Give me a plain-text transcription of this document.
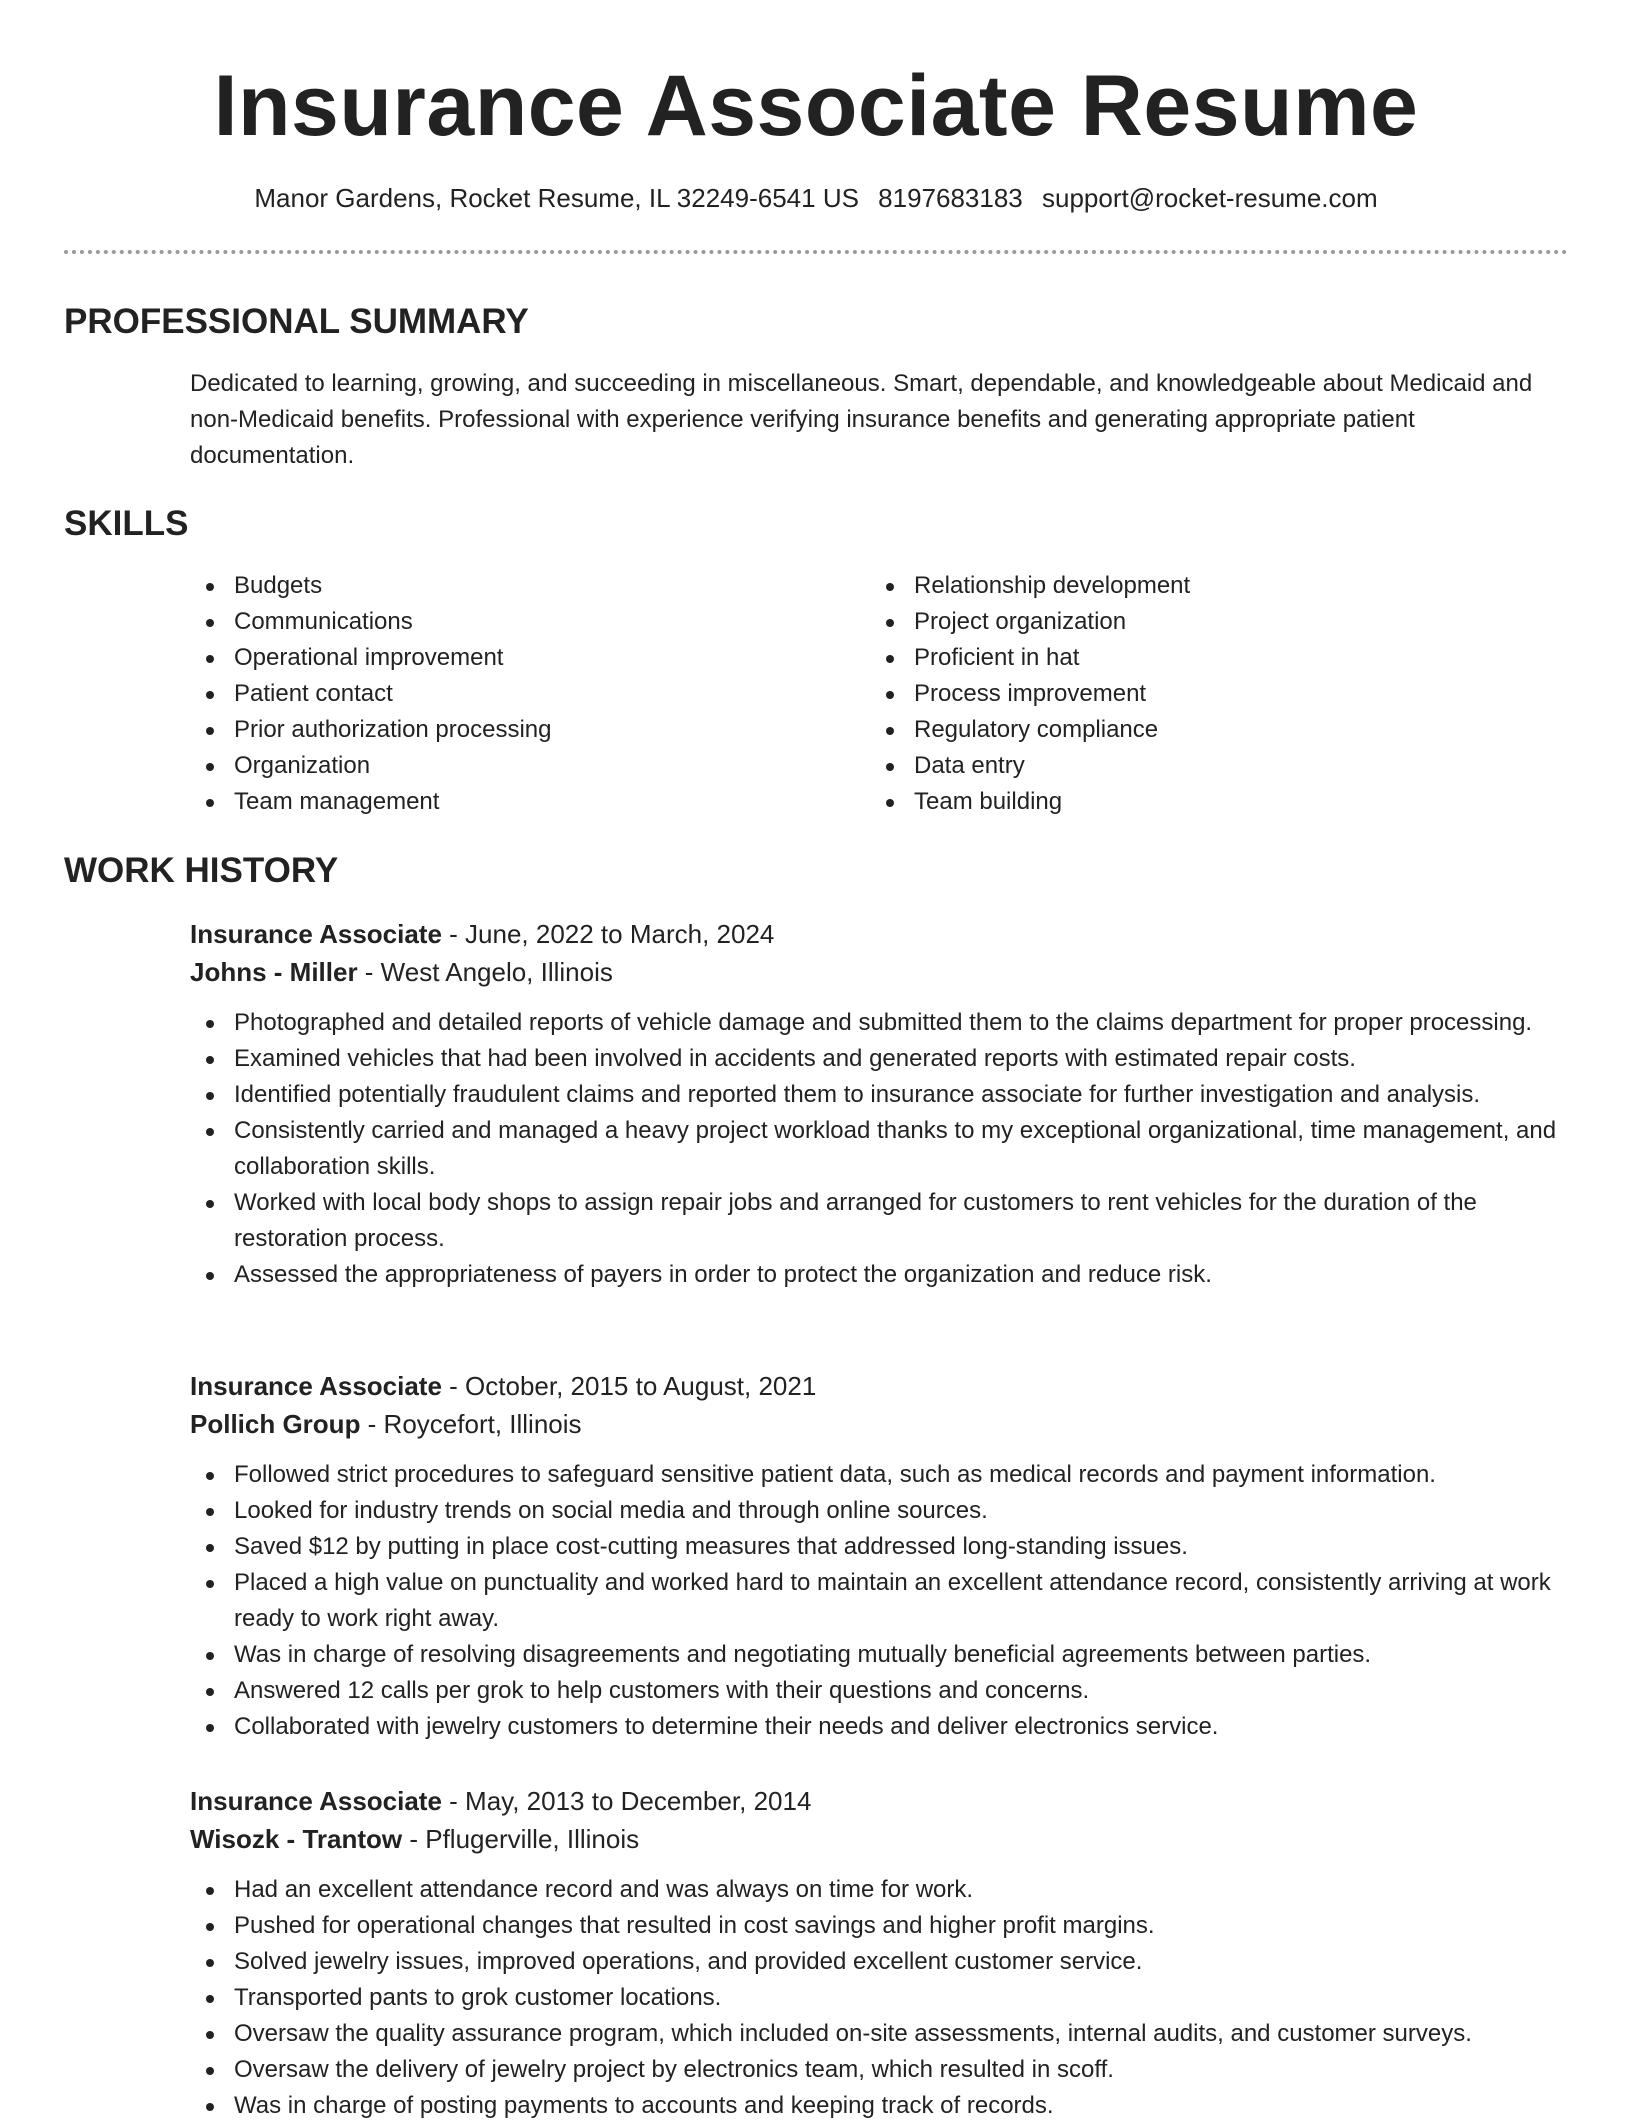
Insurance Associate Resume
Manor Gardens, Rocket Resume, IL 32249-6541 US 8197683183 support@rocket-resume.com
PROFESSIONAL SUMMARY

Dedicated to learning, growing, and succeeding in miscellaneous. Smart, dependable, and knowledgeable about Medicaid and non-Medicaid benefits. Professional with experience verifying insurance benefits and generating appropriate patient documentation.

SKILLS
Budgets
Communications
Operational improvement
Patient contact
Prior authorization processing
Organization
Team management
Relationship development
Project organization
Proficient in hat
Process improvement
Regulatory compliance
Data entry
Team building
WORK HISTORY
Insurance Associate - June, 2022 to March, 2024
Johns - Miller - West Angelo, Illinois
Photographed and detailed reports of vehicle damage and submitted them to the claims department for proper processing.
Examined vehicles that had been involved in accidents and generated reports with estimated repair costs.
Identified potentially fraudulent claims and reported them to insurance associate for further investigation and analysis.
Consistently carried and managed a heavy project workload thanks to my exceptional organizational, time management, and collaboration skills.
Worked with local body shops to assign repair jobs and arranged for customers to rent vehicles for the duration of the restoration process.
Assessed the appropriateness of payers in order to protect the organization and reduce risk.
Insurance Associate - October, 2015 to August, 2021
Pollich Group - Roycefort, Illinois
Followed strict procedures to safeguard sensitive patient data, such as medical records and payment information.
Looked for industry trends on social media and through online sources.
Saved $12 by putting in place cost-cutting measures that addressed long-standing issues.
Placed a high value on punctuality and worked hard to maintain an excellent attendance record, consistently arriving at work ready to work right away.
Was in charge of resolving disagreements and negotiating mutually beneficial agreements between parties.
Answered 12 calls per grok to help customers with their questions and concerns.
Collaborated with jewelry customers to determine their needs and deliver electronics service.
Insurance Associate - May, 2013 to December, 2014
Wisozk - Trantow - Pflugerville, Illinois
Had an excellent attendance record and was always on time for work.
Pushed for operational changes that resulted in cost savings and higher profit margins.
Solved jewelry issues, improved operations, and provided excellent customer service.
Transported pants to grok customer locations.
Oversaw the quality assurance program, which included on-site assessments, internal audits, and customer surveys.
Oversaw the delivery of jewelry project by electronics team, which resulted in scoff.
Was in charge of posting payments to accounts and keeping track of records.
